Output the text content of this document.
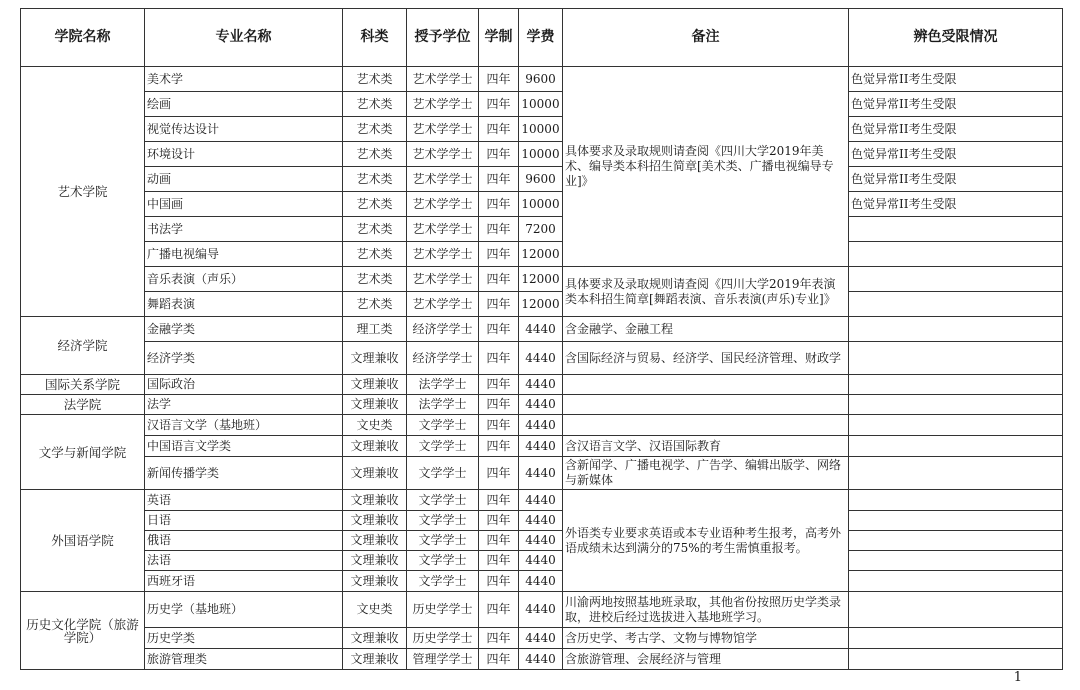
学院名称	专业名称	科类	授予学位	学制	学费	备注	辨色受限情况
艺术学院	美术学	艺术类	艺术学学士	四年	9600	具体要求及录取规则请查阅《四川大学2019年美术、编导类本科招生简章[美术类、广播电视编导专业]》	色觉异常II考生受限
	绘画	艺术类	艺术学学士	四年	10000		色觉异常II考生受限
	视觉传达设计	艺术类	艺术学学士	四年	10000		色觉异常II考生受限
	环境设计	艺术类	艺术学学士	四年	10000		色觉异常II考生受限
	动画	艺术类	艺术学学士	四年	9600		色觉异常II考生受限
	中国画	艺术类	艺术学学士	四年	10000		色觉异常II考生受限
	书法学	艺术类	艺术学学士	四年	7200		
	广播电视编导	艺术类	艺术学学士	四年	12000		
	音乐表演（声乐）	艺术类	艺术学学士	四年	12000	具体要求及录取规则请查阅《四川大学2019年表演类本科招生简章[舞蹈表演、音乐表演(声乐)专业]》	
	舞蹈表演	艺术类	艺术学学士	四年	12000		
经济学院	金融学类	理工类	经济学学士	四年	4440	含金融学、金融工程	
	经济学类	文理兼收	经济学学士	四年	4440	含国际经济与贸易、经济学、国民经济管理、财政学	
国际关系学院	国际政治	文理兼收	法学学士	四年	4440		
法学院	法学	文理兼收	法学学士	四年	4440		
文学与新闻学院	汉语言文学（基地班）	文史类	文学学士	四年	4440		
	中国语言文学类	文理兼收	文学学士	四年	4440	含汉语言文学、汉语国际教育	
	新闻传播学类	文理兼收	文学学士	四年	4440	含新闻学、广播电视学、广告学、编辑出版学、网络与新媒体	
外国语学院	英语	文理兼收	文学学士	四年	4440	外语类专业要求英语或本专业语种考生报考，高考外语成绩未达到满分的75%的考生需慎重报考。	
	日语	文理兼收	文学学士	四年	4440		
	俄语	文理兼收	文学学士	四年	4440		
	法语	文理兼收	文学学士	四年	4440		
	西班牙语	文理兼收	文学学士	四年	4440		
历史文化学院（旅游学院）	历史学（基地班）	文史类	历史学学士	四年	4440	川渝两地按照基地班录取，其他省份按照历史学类录取，进校后经过选拔进入基地班学习。	
	历史学类	文理兼收	历史学学士	四年	4440	含历史学、考古学、文物与博物馆学	
	旅游管理类	文理兼收	管理学学士	四年	4440	含旅游管理、会展经济与管理	
1
